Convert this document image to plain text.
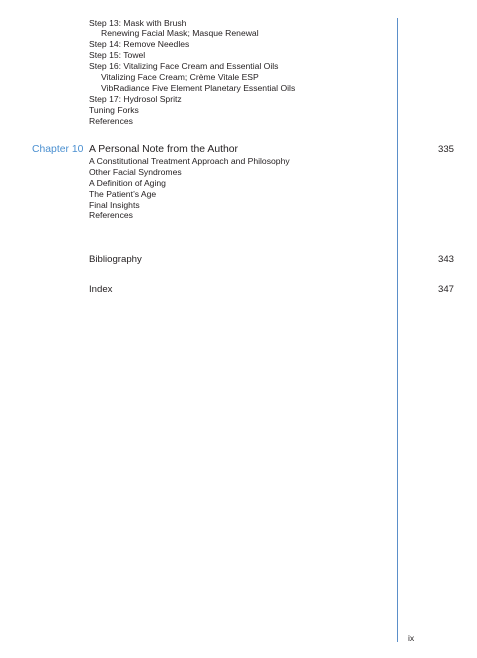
Step 13: Mask with Brush
Renewing Facial Mask; Masque Renewal
Step 14: Remove Needles
Step 15: Towel
Step 16: Vitalizing Face Cream and Essential Oils
Vitalizing Face Cream; Crème Vitale ESP
VibRadiance Five Element Planetary Essential Oils
Step 17: Hydrosol Spritz
Tuning Forks
References
Chapter 10 A Personal Note from the Author	335
A Constitutional Treatment Approach and Philosophy
Other Facial Syndromes
A Definition of Aging
The Patient’s Age
Final Insights
References
Bibliography	343
Index	347
ix
